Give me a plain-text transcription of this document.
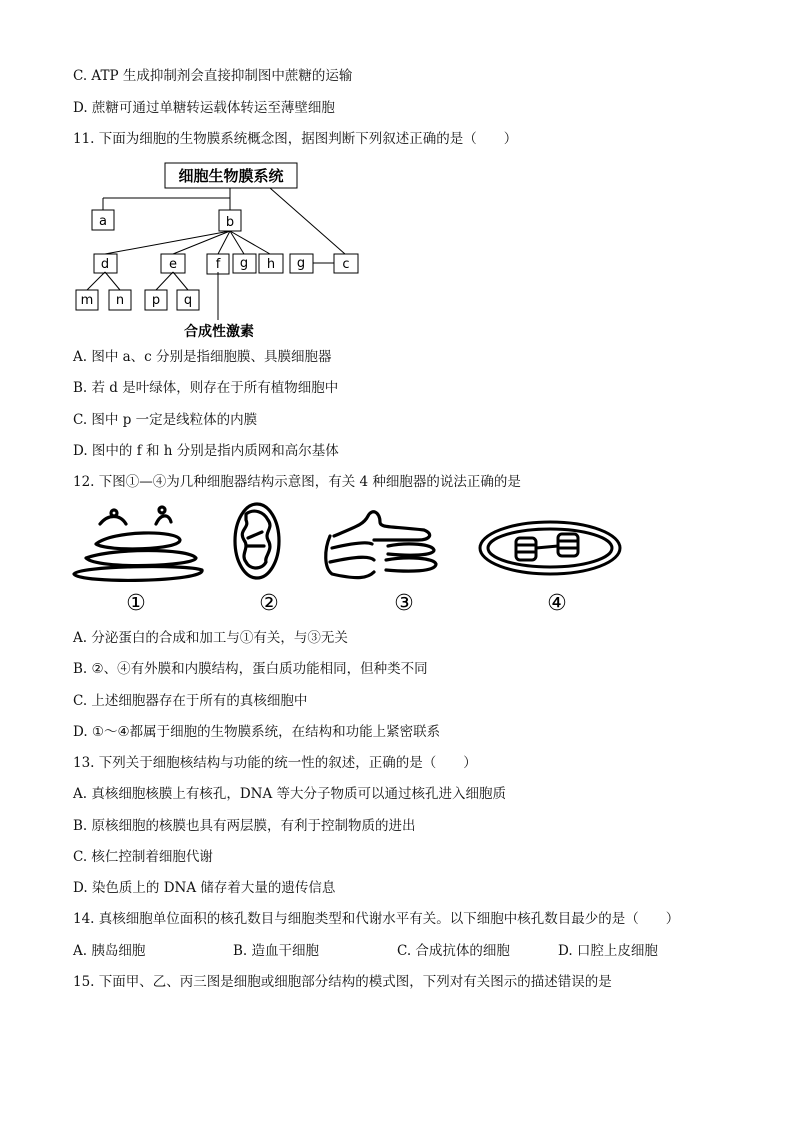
C. ATP 生成抑制剂会直接抑制图中蔗糖的运输
D. 蔗糖可通过单糖转运载体转运至薄壁细胞
11. 下面为细胞的生物膜系统概念图，据图判断下列叙述正确的是（　　）
细胞生物膜系统
a	b
d	e	f g h g	c
m n p q
合成性激素
A. 图中 a、c 分别是指细胞膜、具膜细胞器
B. 若 d 是叶绿体，则存在于所有植物细胞中
C. 图中 p 一定是线粒体的内膜
D. 图中的 f 和 h 分别是指内质网和高尔基体
12. 下图①—④为几种细胞器结构示意图，有关 4 种细胞器的说法正确的是
①	②	③	④
A. 分泌蛋白的合成和加工与①有关，与③无关
B. ②、④有外膜和内膜结构，蛋白质功能相同，但种类不同
C. 上述细胞器存在于所有的真核细胞中
D. ①～④都属于细胞的生物膜系统，在结构和功能上紧密联系
13. 下列关于细胞核结构与功能的统一性的叙述，正确的是（　　）
A. 真核细胞核膜上有核孔，DNA 等大分子物质可以通过核孔进入细胞质
B. 原核细胞的核膜也具有两层膜，有利于控制物质的进出
C. 核仁控制着细胞代谢
D. 染色质上的 DNA 储存着大量的遗传信息
14. 真核细胞单位面积的核孔数目与细胞类型和代谢水平有关。以下细胞中核孔数目最少的是（　　）
A. 胰岛细胞	B. 造血干细胞	C. 合成抗体的细胞	D. 口腔上皮细胞
15. 下面甲、乙、丙三图是细胞或细胞部分结构的模式图，下列对有关图示的描述错误的是
